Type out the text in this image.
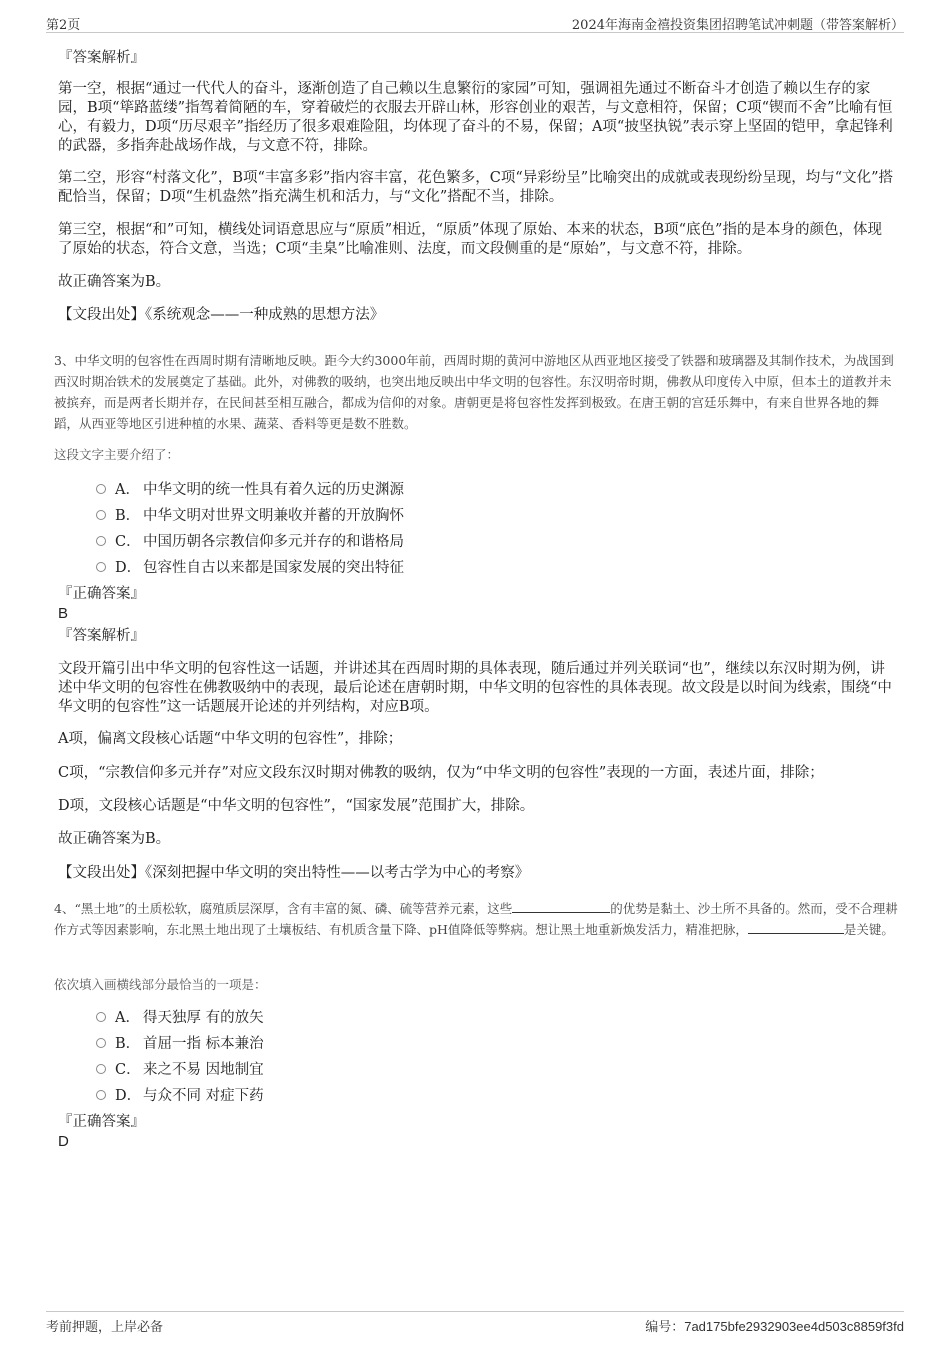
第2页	2024年海南金禧投资集团招聘笔试冲刺题（带答案解析）

『答案解析』

第一空，根据“通过一代代人的奋斗，逐渐创造了自己赖以生息繁衍的家园”可知，强调祖先通过不断奋斗才创造了赖以生存的家园，B项“筚路蓝缕”指驾着简陋的车，穿着破烂的衣服去开辟山林，形容创业的艰苦，与文意相符，保留；C项“锲而不舍”比喻有恒心，有毅力，D项“历尽艰辛”指经历了很多艰难险阻，均体现了奋斗的不易，保留；A项“披坚执锐”表示穿上坚固的铠甲，拿起锋利的武器，多指奔赴战场作战，与文意不符，排除。

第二空，形容“村落文化”，B项“丰富多彩”指内容丰富，花色繁多，C项“异彩纷呈”比喻突出的成就或表现纷纷呈现，均与“文化”搭配恰当，保留；D项“生机盎然”指充满生机和活力，与“文化”搭配不当，排除。

第三空，根据“和”可知，横线处词语意思应与“原质”相近，“原质”体现了原始、本来的状态，B项“底色”指的是本身的颜色，体现了原始的状态，符合文意，当选；C项“圭臬”比喻准则、法度，而文段侧重的是“原始”，与文意不符，排除。

故正确答案为B。

【文段出处】《系统观念——一种成熟的思想方法》

3、中华文明的包容性在西周时期有清晰地反映。距今大约3000年前，西周时期的黄河中游地区从西亚地区接受了铁器和玻璃器及其制作技术，为战国到西汉时期冶铁术的发展奠定了基础。此外，对佛教的吸纳，也突出地反映出中华文明的包容性。东汉明帝时期，佛教从印度传入中原，但本土的道教并未被摈弃，而是两者长期并存，在民间甚至相互融合，都成为信仰的对象。唐朝更是将包容性发挥到极致。在唐王朝的宫廷乐舞中，有来自世界各地的舞蹈，从西亚等地区引进种植的水果、蔬菜、香料等更是数不胜数。

这段文字主要介绍了：

A． 中华文明的统一性具有着久远的历史渊源
B． 中华文明对世界文明兼收并蓄的开放胸怀
C． 中国历朝各宗教信仰多元并存的和谐格局
D． 包容性自古以来都是国家发展的突出特征

『正确答案』

B

『答案解析』

文段开篇引出中华文明的包容性这一话题，并讲述其在西周时期的具体表现，随后通过并列关联词“也”，继续以东汉时期为例，讲述中华文明的包容性在佛教吸纳中的表现，最后论述在唐朝时期，中华文明的包容性的具体表现。故文段是以时间为线索，围绕“中华文明的包容性”这一话题展开论述的并列结构，对应B项。

A项，偏离文段核心话题“中华文明的包容性”，排除；

C项，“宗教信仰多元并存”对应文段东汉时期对佛教的吸纳，仅为“中华文明的包容性”表现的一方面，表述片面，排除；

D项，文段核心话题是“中华文明的包容性”，“国家发展”范围扩大，排除。

故正确答案为B。

【文段出处】《深刻把握中华文明的突出特性——以考古学为中心的考察》

4、“黑土地”的土质松软，腐殖质层深厚，含有丰富的氮、磷、硫等营养元素，这些	的优势是黏土、沙土所不具备的。然而，受不合理耕作方式等因素影响，东北黑土地出现了土壤板结、有机质含量下降、pH值降低等弊病。想让黑土地重新焕发活力，精准把脉，	是关键。

依次填入画横线部分最恰当的一项是：

A． 得天独厚 有的放矢
B． 首屈一指 标本兼治
C． 来之不易 因地制宜
D． 与众不同 对症下药

『正确答案』

D
考前押题，上岸必备	编号：7ad175bfe2932903ee4d503c8859f3fd
